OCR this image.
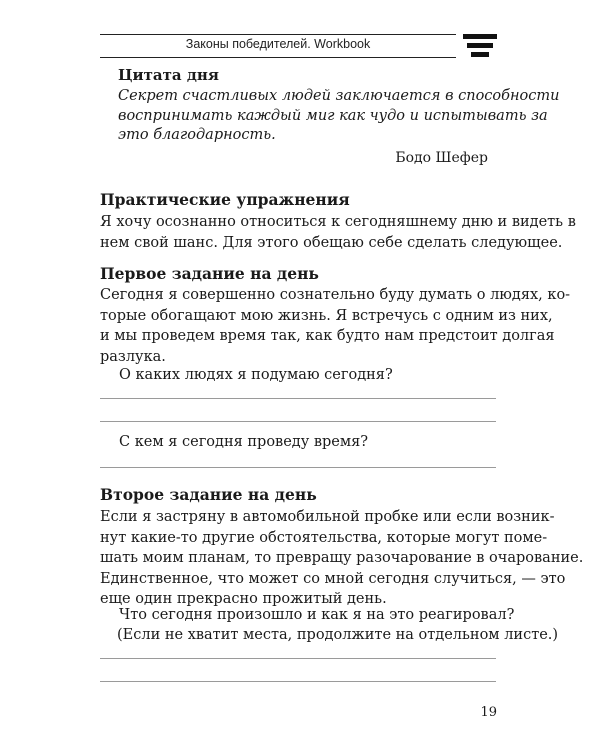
Законы победителей. Workbook
Цитата дня
Секрет счастливых людей заключается в способности
воспринимать каждый миг как чудо и испытывать за
это благодарность.
Бодо Шефер
Практические упражнения
Я хочу осознанно относиться к сегодняшнему дню и видеть в
нем свой шанс. Для этого обещаю себе сделать следующее.
Первое задание на день
Сегодня я совершенно сознательно буду думать о людях, ко-
торые обогащают мою жизнь. Я встречусь с одним из них,
и мы проведем время так, как будто нам предстоит долгая
разлука.
О каких людях я подумаю сегодня?
С кем я сегодня проведу время?
Второе задание на день
Если я застряну в автомобильной пробке или если возник-
нут какие-то другие обстоятельства, которые могут поме-
шать моим планам, то превращу разочарование в очарование.
Единственное, что может со мной сегодня случиться, — это
еще один прекрасно прожитый день.
Что сегодня произошло и как я на это реагировал?
(Если не хватит места, продолжите на отдельном листе.)
19
